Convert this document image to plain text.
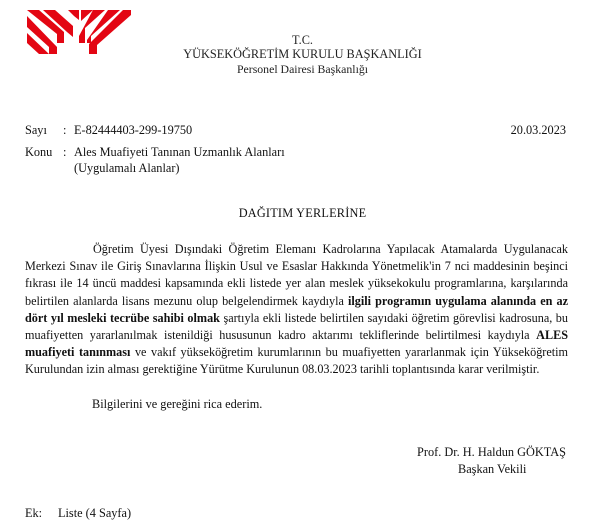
T.C.
YÜKSEKÖĞRETİM KURULU BAŞKANLIĞI
Personel Dairesi Başkanlığı
Sayı : E-82444403-299-19750	20.03.2023
Konu : Ales Muafiyeti Tanınan Uzmanlık Alanları
(Uygulamalı Alanlar)
DAĞITIM YERLERİNE

Öğretim Üyesi Dışındaki Öğretim Elemanı Kadrolarına Yapılacak Atamalarda Uygulanacak Merkezi Sınav ile Giriş Sınavlarına İlişkin Usul ve Esaslar Hakkında Yönetmelik'in 7 nci maddesinin beşinci fıkrası ile 14 üncü maddesi kapsamında ekli listede yer alan meslek yüksekokulu programlarına, karşılarında belirtilen alanlarda lisans mezunu olup belgelendirmek kaydıyla ilgili programın uygulama alanında en az dört yıl mesleki tecrübe sahibi olmak şartıyla ekli listede belirtilen sayıdaki öğretim görevlisi kadrosuna, bu muafiyetten yararlanılmak istenildiği hususunun kadro aktarımı tekliflerinde belirtilmesi kaydıyla ALES muafiyeti tanınması ve vakıf yükseköğretim kurumlarının bu muafiyetten yararlanmak için Yükseköğretim Kurulundan izin alması gerektiğine Yürütme Kurulunun 08.03.2023 tarihli toplantısında karar verilmiştir.

Bilgilerini ve gereğini rica ederim.
Prof. Dr. H. Haldun GÖKTAŞ
Başkan Vekili
Ek: Liste (4 Sayfa)
